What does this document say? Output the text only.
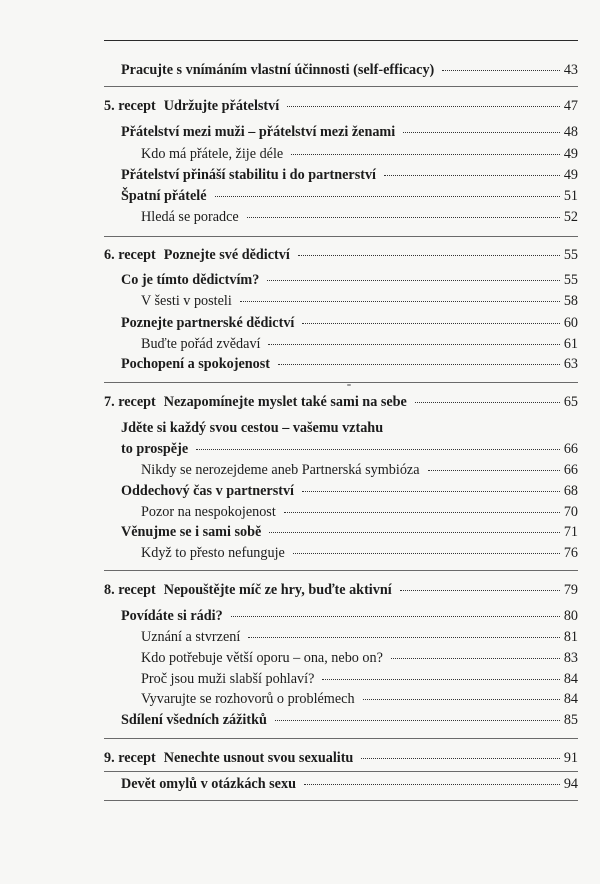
Pracujte s vnímáním vlastní účinnosti (self-efficacy)	43
5. recept Udržujte přátelství	47
Přátelství mezi muži – přátelství mezi ženami	48
Kdo má přátele, žije déle	49
Přátelství přináší stabilitu i do partnerství	49
Špatní přátelé	51
Hledá se poradce	52
6. recept Poznejte své dědictví	55
Co je tímto dědictvím?	55
V šesti v posteli	58
Poznejte partnerské dědictví	60
Buďte pořád zvědaví	61
Pochopení a spokojenost	63
7. recept Nezapomínejte myslet také sami na sebe	65
Jděte si každý svou cestou – vašemu vztahu
to prospěje	66
Nikdy se nerozejdeme aneb Partnerská symbióza	66
Oddechový čas v partnerství	68
Pozor na nespokojenost	70
Věnujme se i sami sobě	71
Když to přesto nefunguje	76
8. recept Nepouštějte míč ze hry, buďte aktivní	79
Povídáte si rádi?	80
Uznání a stvrzení	81
Kdo potřebuje větší oporu – ona, nebo on?	83
Proč jsou muži slabší pohlaví?	84
Vyvarujte se rozhovorů o problémech	84
Sdílení všedních zážitků	85
9. recept Nenechte usnout svou sexualitu	91
Devět omylů v otázkách sexu	94
